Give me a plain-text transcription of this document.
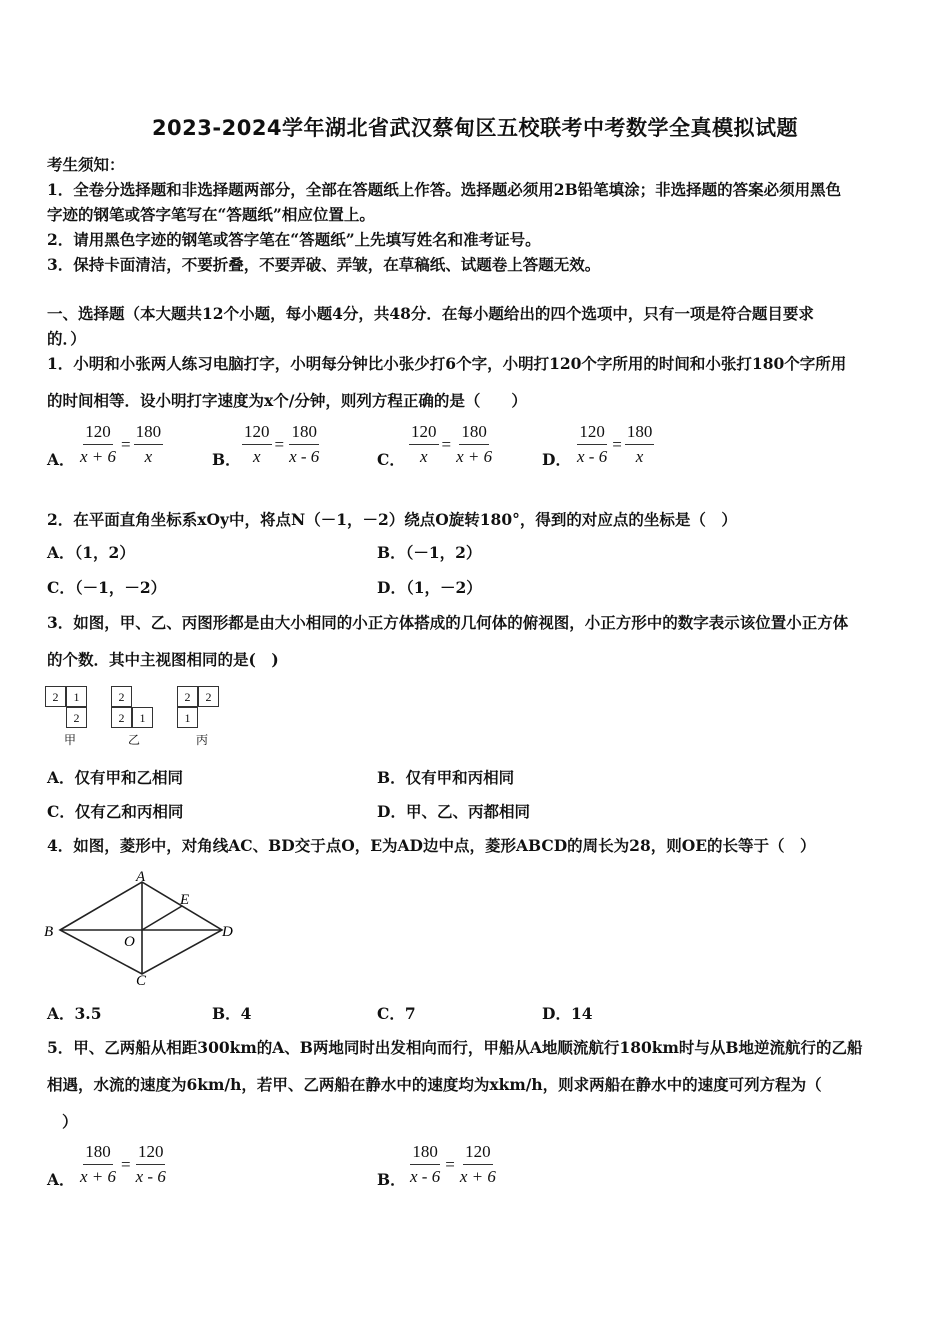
2023-2024学年湖北省武汉蔡甸区五校联考中考数学全真模拟试题
考生须知：
1．全卷分选择题和非选择题两部分，全部在答题纸上作答。选择题必须用2B铅笔填涂；非选择题的答案必须用黑色
字迹的钢笔或答字笔写在“答题纸”相应位置上。
2．请用黑色字迹的钢笔或答字笔在“答题纸”上先填写姓名和准考证号。
3．保持卡面清洁，不要折叠，不要弄破、弄皱，在草稿纸、试题卷上答题无效。
一、选择题（本大题共12个小题，每小题4分，共48分．在每小题给出的四个选项中，只有一项是符合题目要求
的．）
1．小明和小张两人练习电脑打字，小明每分钟比小张少打6个字，小明打120个字所用的时间和小张打180个字所用
的时间相等．设小明打字速度为x个/分钟，则列方程正确的是（　　）
A． $\frac{120}{x + 6} = \frac{180}{x}$	B． $\frac{120}{x} = \frac{180}{x - 6}$	C． $\frac{120}{x} = \frac{180}{x + 6}$	D． $\frac{120}{x - 6} = \frac{180}{x}$
2．在平面直角坐标系xOy中，将点N（－1，－2）绕点O旋转180°，得到的对应点的坐标是（　）
A．（1，2）	B．（－1，2）
C．（－1，－2）	D．（1，－2）
3．如图，甲、乙、丙图形都是由大小相同的小正方体搭成的几何体的俯视图，小正方形中的数字表示该位置小正方体
的个数．其中主视图相同的是(　)
2	1
2
甲
2
2	1
乙
2	2
1
丙
A．仅有甲和乙相同	B．仅有甲和丙相同
C．仅有乙和丙相同	D．甲、乙、丙都相同
4．如图，菱形中，对角线AC、BD交于点O，E为AD边中点，菱形ABCD的周长为28，则OE的长等于（　）
A
B
C
D
E
O
A．3.5	B．4	C．7	D．14
5．甲、乙两船从相距300km的A、B两地同时出发相向而行，甲船从A地顺流航行180km时与从B地逆流航行的乙船
相遇，水流的速度为6km/h，若甲、乙两船在静水中的速度均为xkm/h，则求两船在静水中的速度可列方程为（
）
A． $\frac{180}{x + 6} = \frac{120}{x - 6}$	B． $\frac{180}{x - 6} = \frac{120}{x + 6}$
